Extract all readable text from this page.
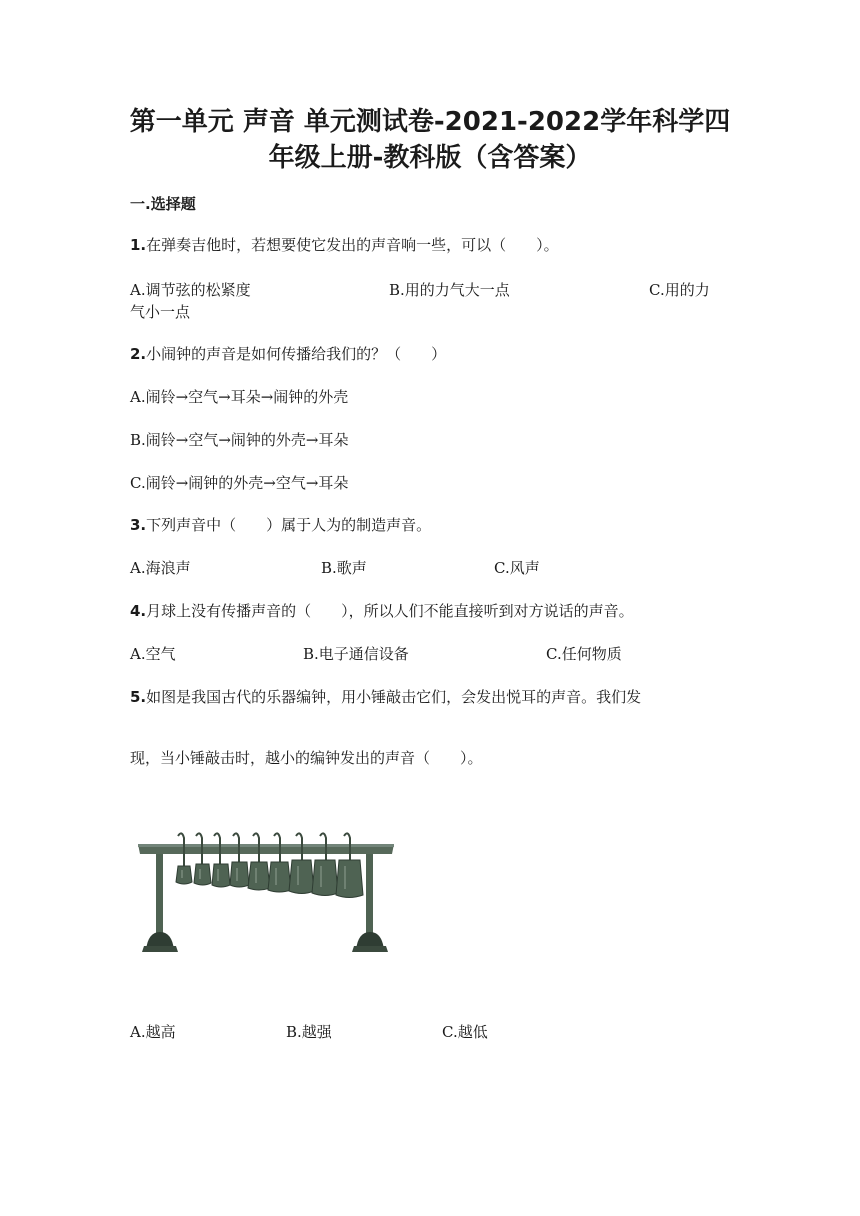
第一单元 声音 单元测试卷-2021-2022学年科学四
年级上册-教科版（含答案）

一.选择题

1.在弹奏吉他时，若想要使它发出的声音响一些，可以（　　）。

A.调节弦的松紧度	B.用的力气大一点	C.用的力

气小一点

2.小闹钟的声音是如何传播给我们的？（　　）

A.闹铃→空气→耳朵→闹钟的外壳

B.闹铃→空气→闹钟的外壳→耳朵

C.闹铃→闹钟的外壳→空气→耳朵

3.下列声音中（　　）属于人为的制造声音。

A.海浪声	B.歌声	C.风声

4.月球上没有传播声音的（　　），所以人们不能直接听到对方说话的声音。

A.空气	B.电子通信设备	C.任何物质

5.如图是我国古代的乐器编钟，用小锤敲击它们，会发出悦耳的声音。我们发

现，当小锤敲击时，越小的编钟发出的声音（　　）。

A.越高	B.越强	C.越低
